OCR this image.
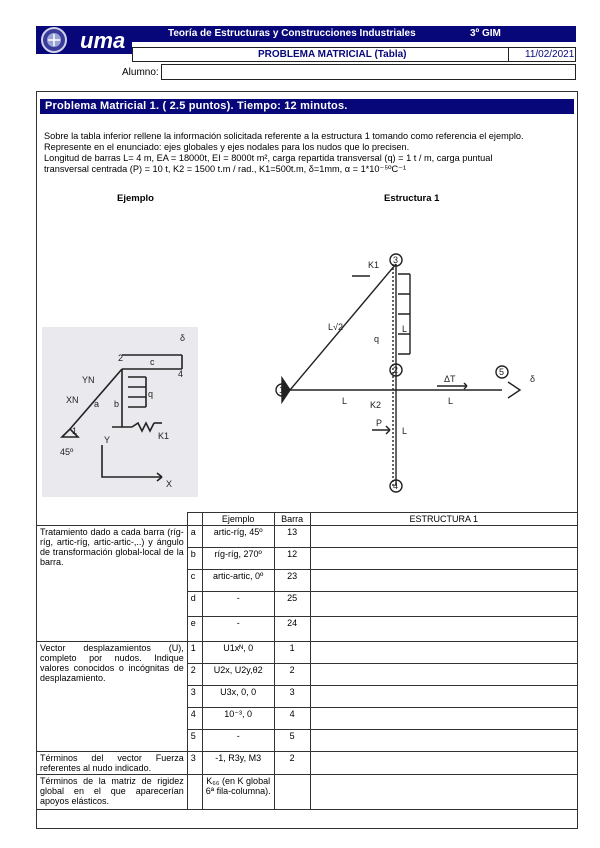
uma	Teoría de Estructuras y Construcciones Industriales	3º GIM
PROBLEMA MATRICIAL (Tabla)	11/02/2021
Alumno:
Problema Matricial 1. ( 2.5 puntos). Tiempo: 12 minutos.
Sobre la tabla inferior rellene la información solicitada referente a la estructura 1 tomando como referencia el ejemplo.
Represente en el enunciado: ejes globales y ejes nodales para los nudos que lo precisen.
Longitud de barras L= 4 m, EA = 18000t, EI = 8000t m², carga repartida transversal (q) = 1 t / m, carga puntual
transversal centrada (P) = 10 t, K2 = 1500 t.m / rad., K1=500t.m, δ=1mm, α = 1*10⁻⁵ºC⁻¹
Ejemplo	Estructura 1
1
2
4
a b
c
q
K1
45º
Y
X
δ
YN
XN
3
2
1
5
4
K1
K2
L√2	L
L	L
L
q
P
ΔT	δ
		Ejemplo	Barra	ESTRUCTURA 1
Tratamiento dado a cada barra (ríg-ríg, artic-ríg, artic-artic-,..) y ángulo de transformación global-local de la barra.	a	artic-ríg, 45º	13	
	b	ríg-ríg, 270º	12	
	c	artic-artic, 0º	23	
	d	-	25	
	e	-	24	
Vector desplazamientos (U), completo por nudos. Indique valores conocidos o incógnitas de desplazamiento.	1	U1xᴺ, 0	1	
	2	U2x, U2y,θ2	2	
	3	U3x, 0, 0	3	
	4	10⁻³, 0	4	
	5	-	5	
Términos del vector Fuerza referentes al nudo indicado.	3	-1, R3y, M3	2	
Términos de la matriz de rigidez global en el que aparecerían apoyos elásticos.		K₆₆ (en K global 6ª fila-columna).		
